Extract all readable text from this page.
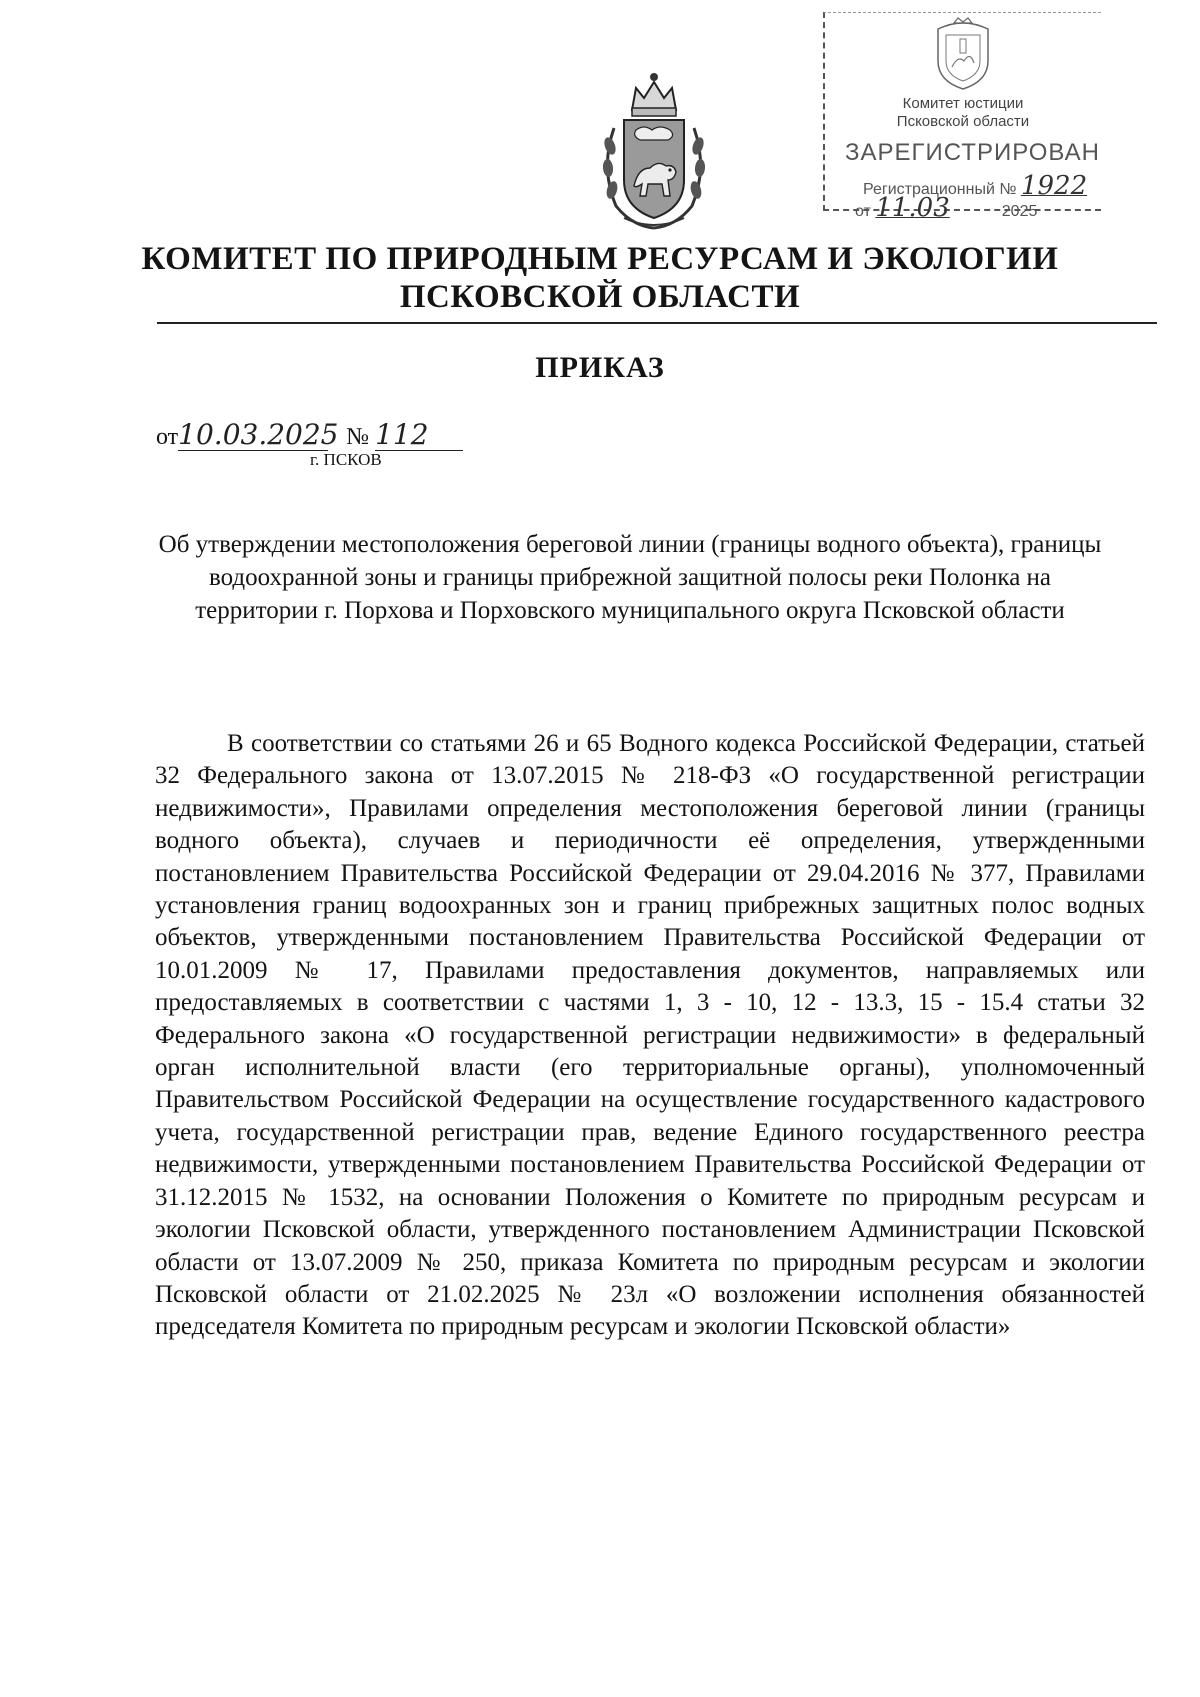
Комитет юстиции
Псковской области
ЗАРЕГИСТРИРОВАН
Регистрационный № 1922
от 11.03	2025
КОМИТЕТ ПО ПРИРОДНЫМ РЕСУРСАМ И ЭКОЛОГИИ
ПСКОВСКОЙ ОБЛАСТИ
ПРИКАЗ
от10.03.2025 № 112
г. ПСКОВ
Об утверждении местоположения береговой линии (границы водного объекта), границы водоохранной зоны и границы прибрежной защитной полосы реки Полонка на территории г. Порхова и Порховского муниципального округа Псковской области

В соответствии со статьями 26 и 65 Водного кодекса Российской Федерации, статьей 32 Федерального закона от 13.07.2015 № 218-ФЗ «О государственной регистрации недвижимости», Правилами определения местоположения береговой линии (границы водного объекта), случаев и периодичности её определения, утвержденными постановлением Правительства Российской Федерации от 29.04.2016 № 377, Правилами установления границ водоохранных зон и границ прибрежных защитных полос водных объектов, утвержденными постановлением Правительства Российской Федерации от 10.01.2009 № 17, Правилами предоставления документов, направляемых или предоставляемых в соответствии с частями 1, 3 - 10, 12 - 13.3, 15 - 15.4 статьи 32 Федерального закона «О государственной регистрации недвижимости» в федеральный орган исполнительной власти (его территориальные органы), уполномоченный Правительством Российской Федерации на осуществление государственного кадастрового учета, государственной регистрации прав, ведение Единого государственного реестра недвижимости, утвержденными постановлением Правительства Российской Федерации от 31.12.2015 № 1532, на основании Положения о Комитете по природным ресурсам и экологии Псковской области, утвержденного постановлением Администрации Псковской области от 13.07.2009 № 250, приказа Комитета по природным ресурсам и экологии Псковской области от 21.02.2025 № 23л «О возложении исполнения обязанностей председателя Комитета по природным ресурсам и экологии Псковской области»
